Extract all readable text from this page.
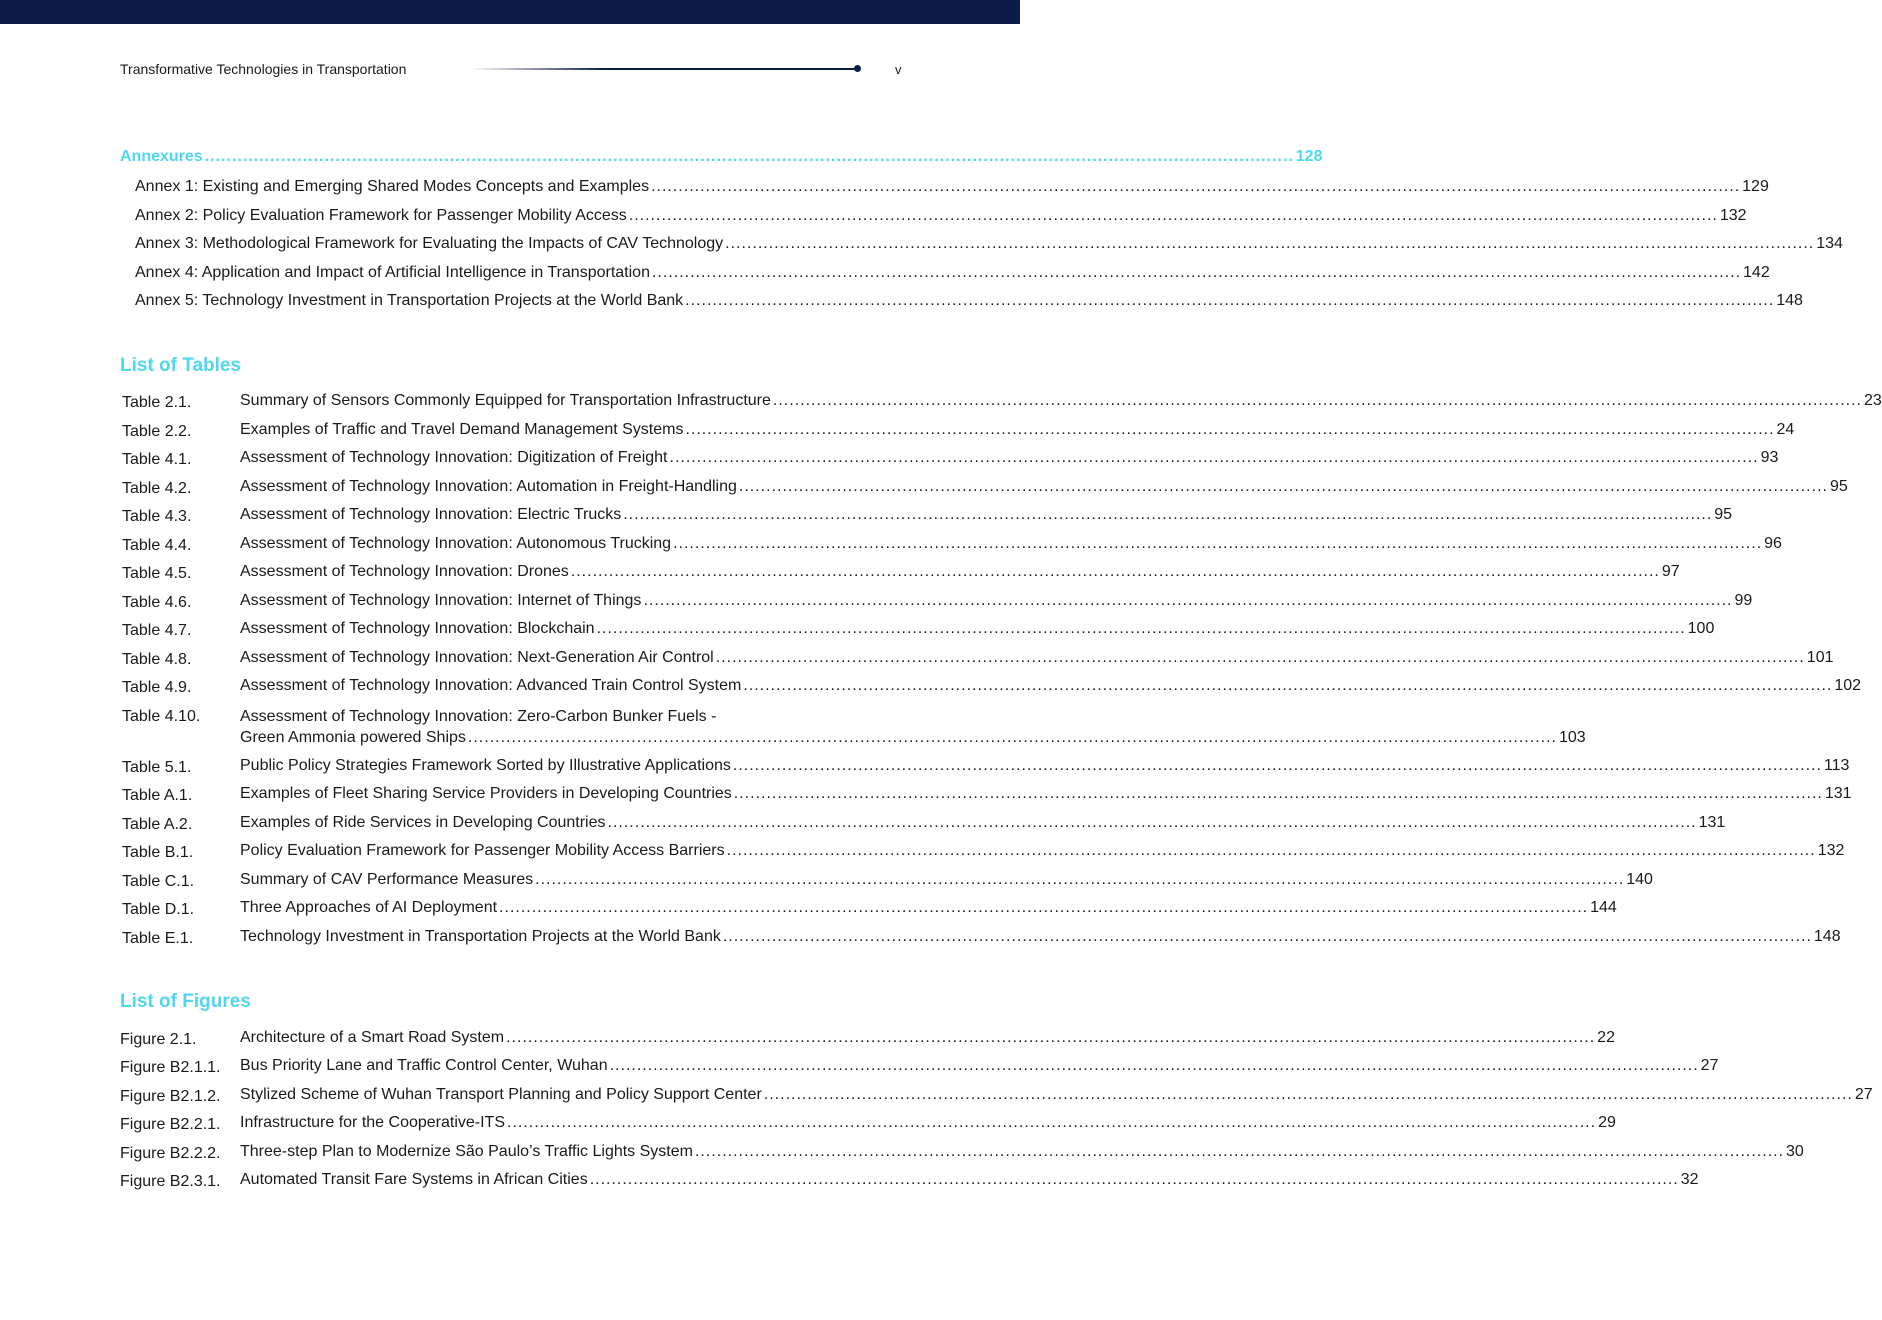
Transformative Technologies in Transportation	v
Annexures ........................................................................................................................................................................................................ 128
Annex 1: Existing and Emerging Shared Modes Concepts and Examples ........................................................................................................................................................................................................ 129
Annex 2: Policy Evaluation Framework for Passenger Mobility Access ........................................................................................................................................................................................................ 132
Annex 3: Methodological Framework for Evaluating the Impacts of CAV Technology ........................................................................................................................................................................................................ 134
Annex 4: Application and Impact of Artificial Intelligence in Transportation ........................................................................................................................................................................................................ 142
Annex 5: Technology Investment in Transportation Projects at the World Bank ........................................................................................................................................................................................................ 148
List of Tables
Table 2.1.	Summary of Sensors Commonly Equipped for Transportation Infrastructure ........................................................................................................................................................................................................ 23
Table 2.2.	Examples of Traffic and Travel Demand Management Systems ........................................................................................................................................................................................................ 24
Table 4.1.	Assessment of Technology Innovation: Digitization of Freight ........................................................................................................................................................................................................ 93
Table 4.2.	Assessment of Technology Innovation: Automation in Freight-Handling ........................................................................................................................................................................................................ 95
Table 4.3.	Assessment of Technology Innovation: Electric Trucks ........................................................................................................................................................................................................ 95
Table 4.4.	Assessment of Technology Innovation: Autonomous Trucking ........................................................................................................................................................................................................ 96
Table 4.5.	Assessment of Technology Innovation: Drones ........................................................................................................................................................................................................ 97
Table 4.6.	Assessment of Technology Innovation: Internet of Things ........................................................................................................................................................................................................ 99
Table 4.7.	Assessment of Technology Innovation: Blockchain ........................................................................................................................................................................................................ 100
Table 4.8.	Assessment of Technology Innovation: Next-Generation Air Control ........................................................................................................................................................................................................ 101
Table 4.9.	Assessment of Technology Innovation: Advanced Train Control System ........................................................................................................................................................................................................ 102
Table 4.10. Assessment of Technology Innovation: Zero-Carbon Bunker Fuels -
Green Ammonia powered Ships ........................................................................................................................................................................................................ 103
Table 5.1.	Public Policy Strategies Framework Sorted by Illustrative Applications ........................................................................................................................................................................................................ 113
Table A.1.	Examples of Fleet Sharing Service Providers in Developing Countries ........................................................................................................................................................................................................ 131
Table A.2.	Examples of Ride Services in Developing Countries ........................................................................................................................................................................................................ 131
Table B.1.	Policy Evaluation Framework for Passenger Mobility Access Barriers ........................................................................................................................................................................................................ 132
Table C.1.	Summary of CAV Performance Measures ........................................................................................................................................................................................................ 140
Table D.1.	Three Approaches of AI Deployment ........................................................................................................................................................................................................ 144
Table E.1.	Technology Investment in Transportation Projects at the World Bank ........................................................................................................................................................................................................ 148
List of Figures
Figure 2.1.	Architecture of a Smart Road System ........................................................................................................................................................................................................ 22
Figure B2.1.1. Bus Priority Lane and Traffic Control Center, Wuhan ........................................................................................................................................................................................................ 27
Figure B2.1.2. Stylized Scheme of Wuhan Transport Planning and Policy Support Center ........................................................................................................................................................................................................ 27
Figure B2.2.1. Infrastructure for the Cooperative-ITS ........................................................................................................................................................................................................ 29
Figure B2.2.2. Three-step Plan to Modernize São Paulo’s Traffic Lights System ........................................................................................................................................................................................................ 30
Figure B2.3.1. Automated Transit Fare Systems in African Cities ........................................................................................................................................................................................................ 32
